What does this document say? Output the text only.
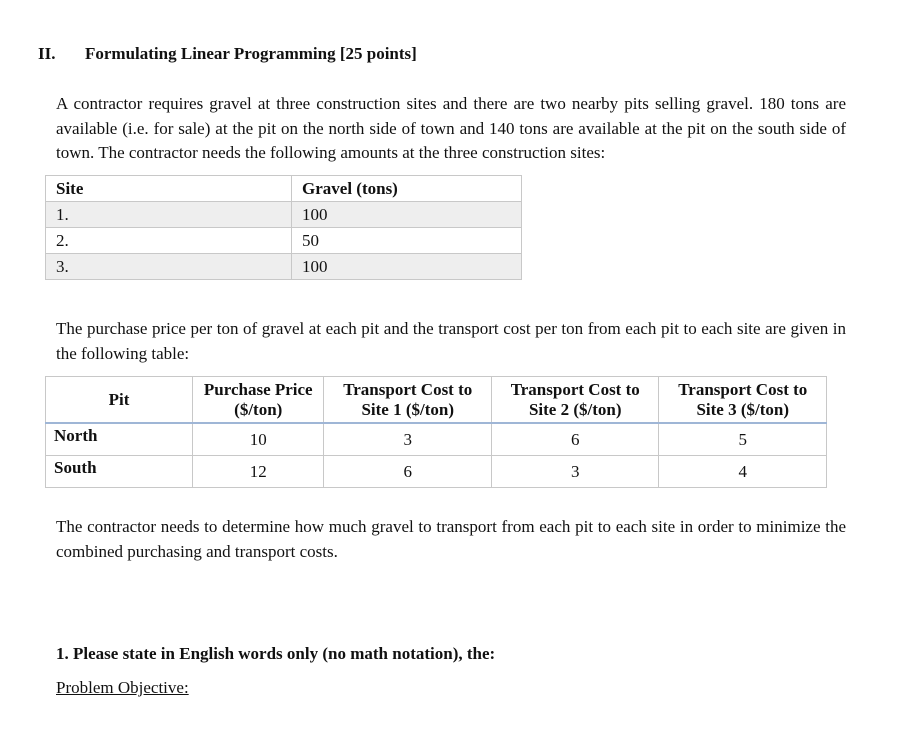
II. Formulating Linear Programming [25 points]
A contractor requires gravel at three construction sites and there are two nearby pits selling gravel. 180 tons are available (i.e. for sale) at the pit on the north side of town and 140 tons are available at the pit on the south side of town. The contractor needs the following amounts at the three construction sites:
Site	Gravel (tons)
1.	100
2.	50
3.	100
The purchase price per ton of gravel at each pit and the transport cost per ton from each pit to each site are given in the following table:
Pit	Purchase Price ($/ton)	Transport Cost to Site 1 ($/ton)	Transport Cost to Site 2 ($/ton)	Transport Cost to Site 3 ($/ton)
North	10	3	6	5
South	12	6	3	4
The contractor needs to determine how much gravel to transport from each pit to each site in order to minimize the combined purchasing and transport costs.
1. Please state in English words only (no math notation), the:
Problem Objective:
